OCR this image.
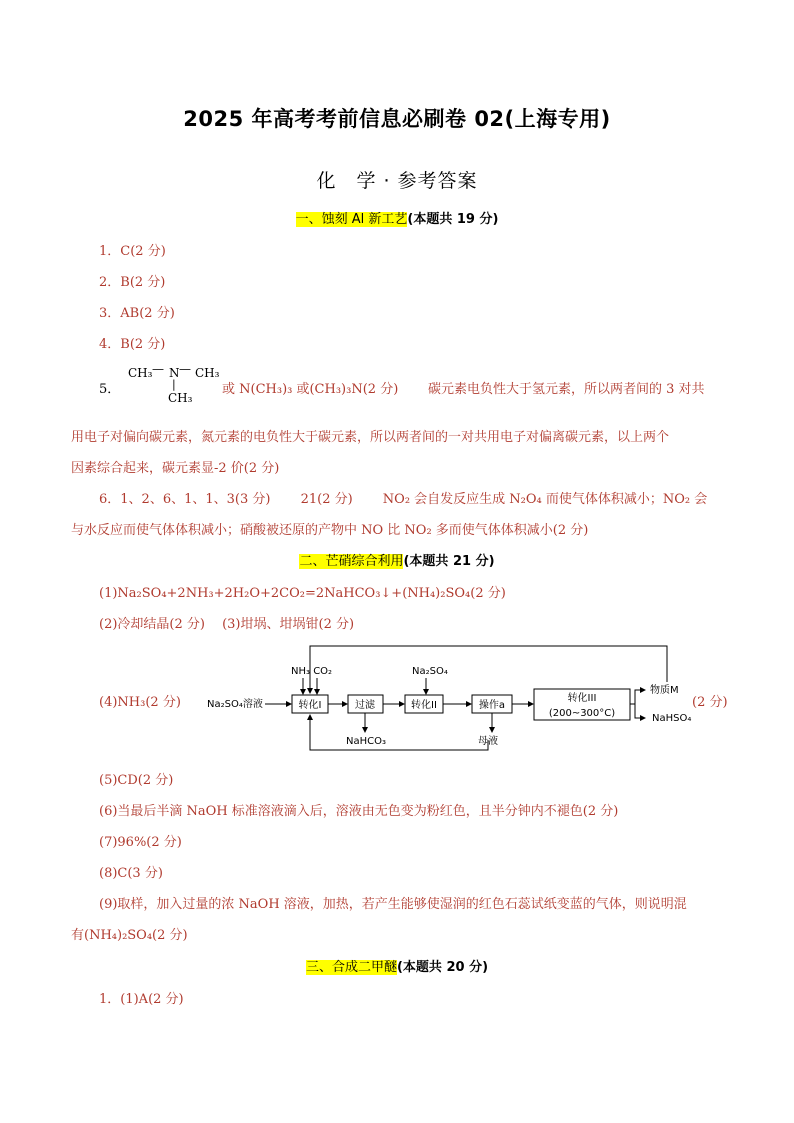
2025 年高考考前信息必刷卷 02(上海专用)
化　学 · 参考答案
一、蚀刻 Al 新工艺(本题共 19 分)
1．C(2 分)
2．B(2 分)
3．AB(2 分)
4．B(2 分)
5．
CH₃ — N — CH₃
|
CH₃
或 N(CH₃)₃ 或(CH₃)₃N(2 分) 碳元素电负性大于氢元素，所以两者间的 3 对共
用电子对偏向碳元素，氮元素的电负性大于碳元素，所以两者间的一对共用电子对偏离碳元素，以上两个
因素综合起来，碳元素显-2 价(2 分)
6．1、2、6、1、1、3(3 分)　　 21(2 分)　　 NO₂ 会自发反应生成 N₂O₄ 而使气体体积减小；NO₂ 会
与水反应而使气体体积减小；硝酸被还原的产物中 NO 比 NO₂ 多而使气体体积减小(2 分)
二、芒硝综合利用(本题共 21 分)
(1)Na₂SO₄+2NH₃+2H₂O+2CO₂=2NaHCO₃↓+(NH₄)₂SO₄(2 分)
(2)冷却结晶(2 分)　 (3)坩埚、坩埚钳(2 分)
(4)NH₃(2 分)	Na₂SO₄溶液
NH₃ CO₂	Na₂SO₄
转化I	过滤	转化II	操作a
转化III
(200~300°C)
NaHCO₃	母液
物质M
NaHSO₄
(2 分)
(5)CD(2 分)
(6)当最后半滴 NaOH 标准溶液滴入后，溶液由无色变为粉红色，且半分钟内不褪色(2 分)
(7)96%(2 分)
(8)C(3 分)
(9)取样，加入过量的浓 NaOH 溶液，加热，若产生能够使湿润的红色石蕊试纸变蓝的气体，则说明混
有(NH₄)₂SO₄(2 分)
三、合成二甲醚(本题共 20 分)
1．(1)A(2 分)
